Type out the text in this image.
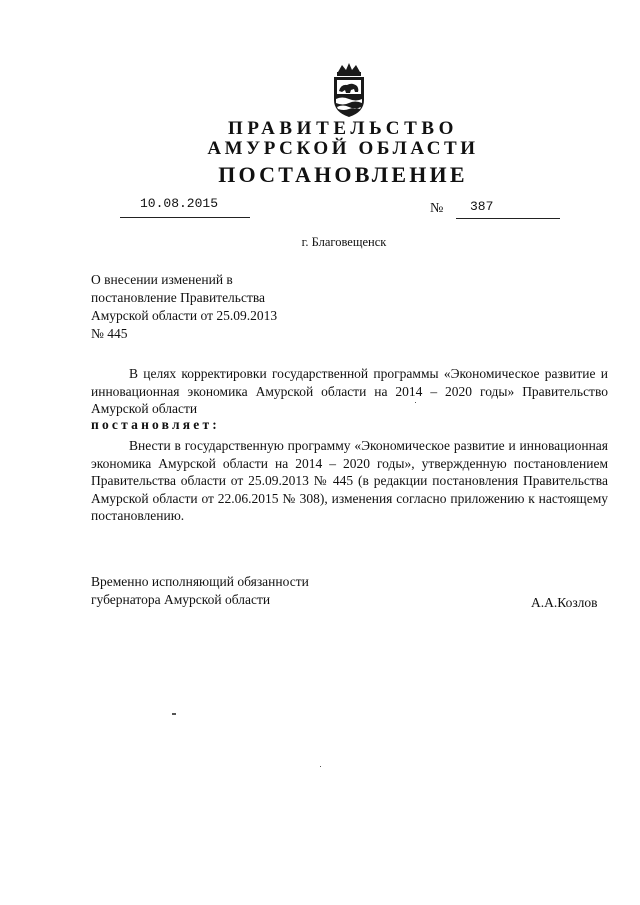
ПРАВИТЕЛЬСТВО
АМУРСКОЙ ОБЛАСТИ
ПОСТАНОВЛЕНИЕ
10.08.2015	№ 387
г. Благовещенск
О внесении изменений в
постановление Правительства
Амурской области от 25.09.2013
№ 445
В целях корректировки государственной программы «Экономическое развитие и инновационная экономика Амурской области на 2014 – 2020 годы» Правительство Амурской области
постановляет:
Внести в государственную программу «Экономическое развитие и инновационная экономика Амурской области на 2014 – 2020 годы», утвержденную постановлением Правительства области от 25.09.2013 № 445 (в редакции постановления Правительства Амурской области от 22.06.2015 № 308), изменения согласно приложению к настоящему постановлению.
Временно исполняющий обязанности
губернатора Амурской области	А.А.Козлов
